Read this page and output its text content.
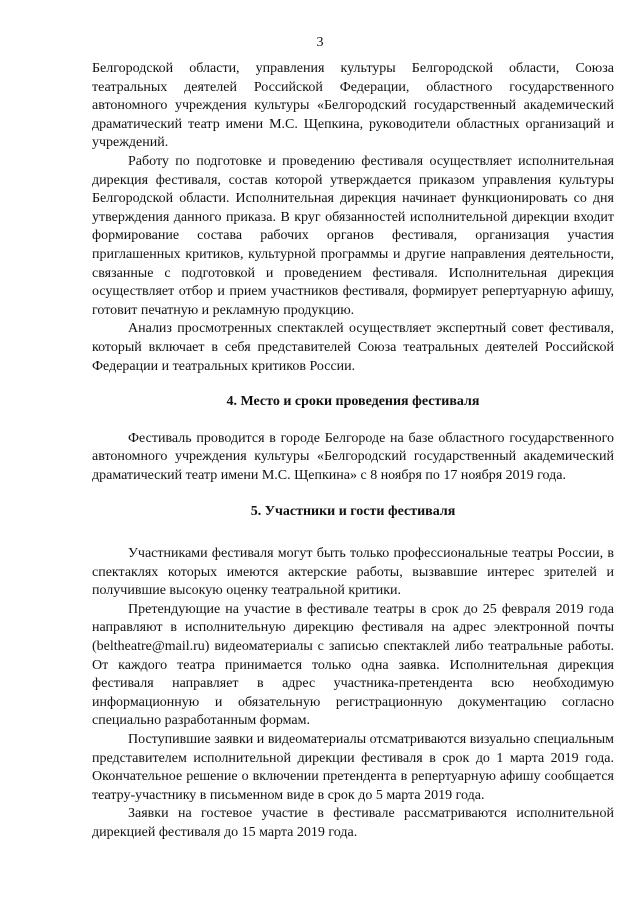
3

Белгородской области, управления культуры Белгородской области, Союза театральных деятелей Российской Федерации, областного государственного автономного учреждения культуры «Белгородский государственный академический драматический театр имени М.С. Щепкина, руководители областных организаций и учреждений.

Работу по подготовке и проведению фестиваля осуществляет исполнительная дирекция фестиваля, состав которой утверждается приказом управления культуры Белгородской области. Исполнительная дирекция начинает функционировать со дня утверждения данного приказа. В круг обязанностей исполнительной дирекции входит формирование состава рабочих органов фестиваля, организация участия приглашенных критиков, культурной программы и другие направления деятельности, связанные с подготовкой и проведением фестиваля. Исполнительная дирекция осуществляет отбор и прием участников фестиваля, формирует репертуарную афишу, готовит печатную и рекламную продукцию.

Анализ просмотренных спектаклей осуществляет экспертный совет фестиваля, который включает в себя представителей Союза театральных деятелей Российской Федерации и театральных критиков России.

4. Место и сроки проведения фестиваля

Фестиваль проводится в городе Белгороде на базе областного государственного автономного учреждения культуры «Белгородский государственный академический драматический театр имени М.С. Щепкина» с 8 ноября по 17 ноября 2019 года.

5. Участники и гости фестиваля

Участниками фестиваля могут быть только профессиональные театры России, в спектаклях которых имеются актерские работы, вызвавшие интерес зрителей и получившие высокую оценку театральной критики.

Претендующие на участие в фестивале театры в срок до 25 февраля 2019 года направляют в исполнительную дирекцию фестиваля на адрес электронной почты (beltheatre@mail.ru) видеоматериалы с записью спектаклей либо театральные работы. От каждого театра принимается только одна заявка. Исполнительная дирекция фестиваля направляет в адрес участника-претендента всю необходимую информационную и обязательную регистрационную документацию согласно специально разработанным формам.

Поступившие заявки и видеоматериалы отсматриваются визуально специальным представителем исполнительной дирекции фестиваля в срок до 1 марта 2019 года. Окончательное решение о включении претендента в репертуарную афишу сообщается театру-участнику в письменном виде в срок до 5 марта 2019 года.

Заявки на гостевое участие в фестивале рассматриваются исполнительной дирекцией фестиваля до 15 марта 2019 года.
